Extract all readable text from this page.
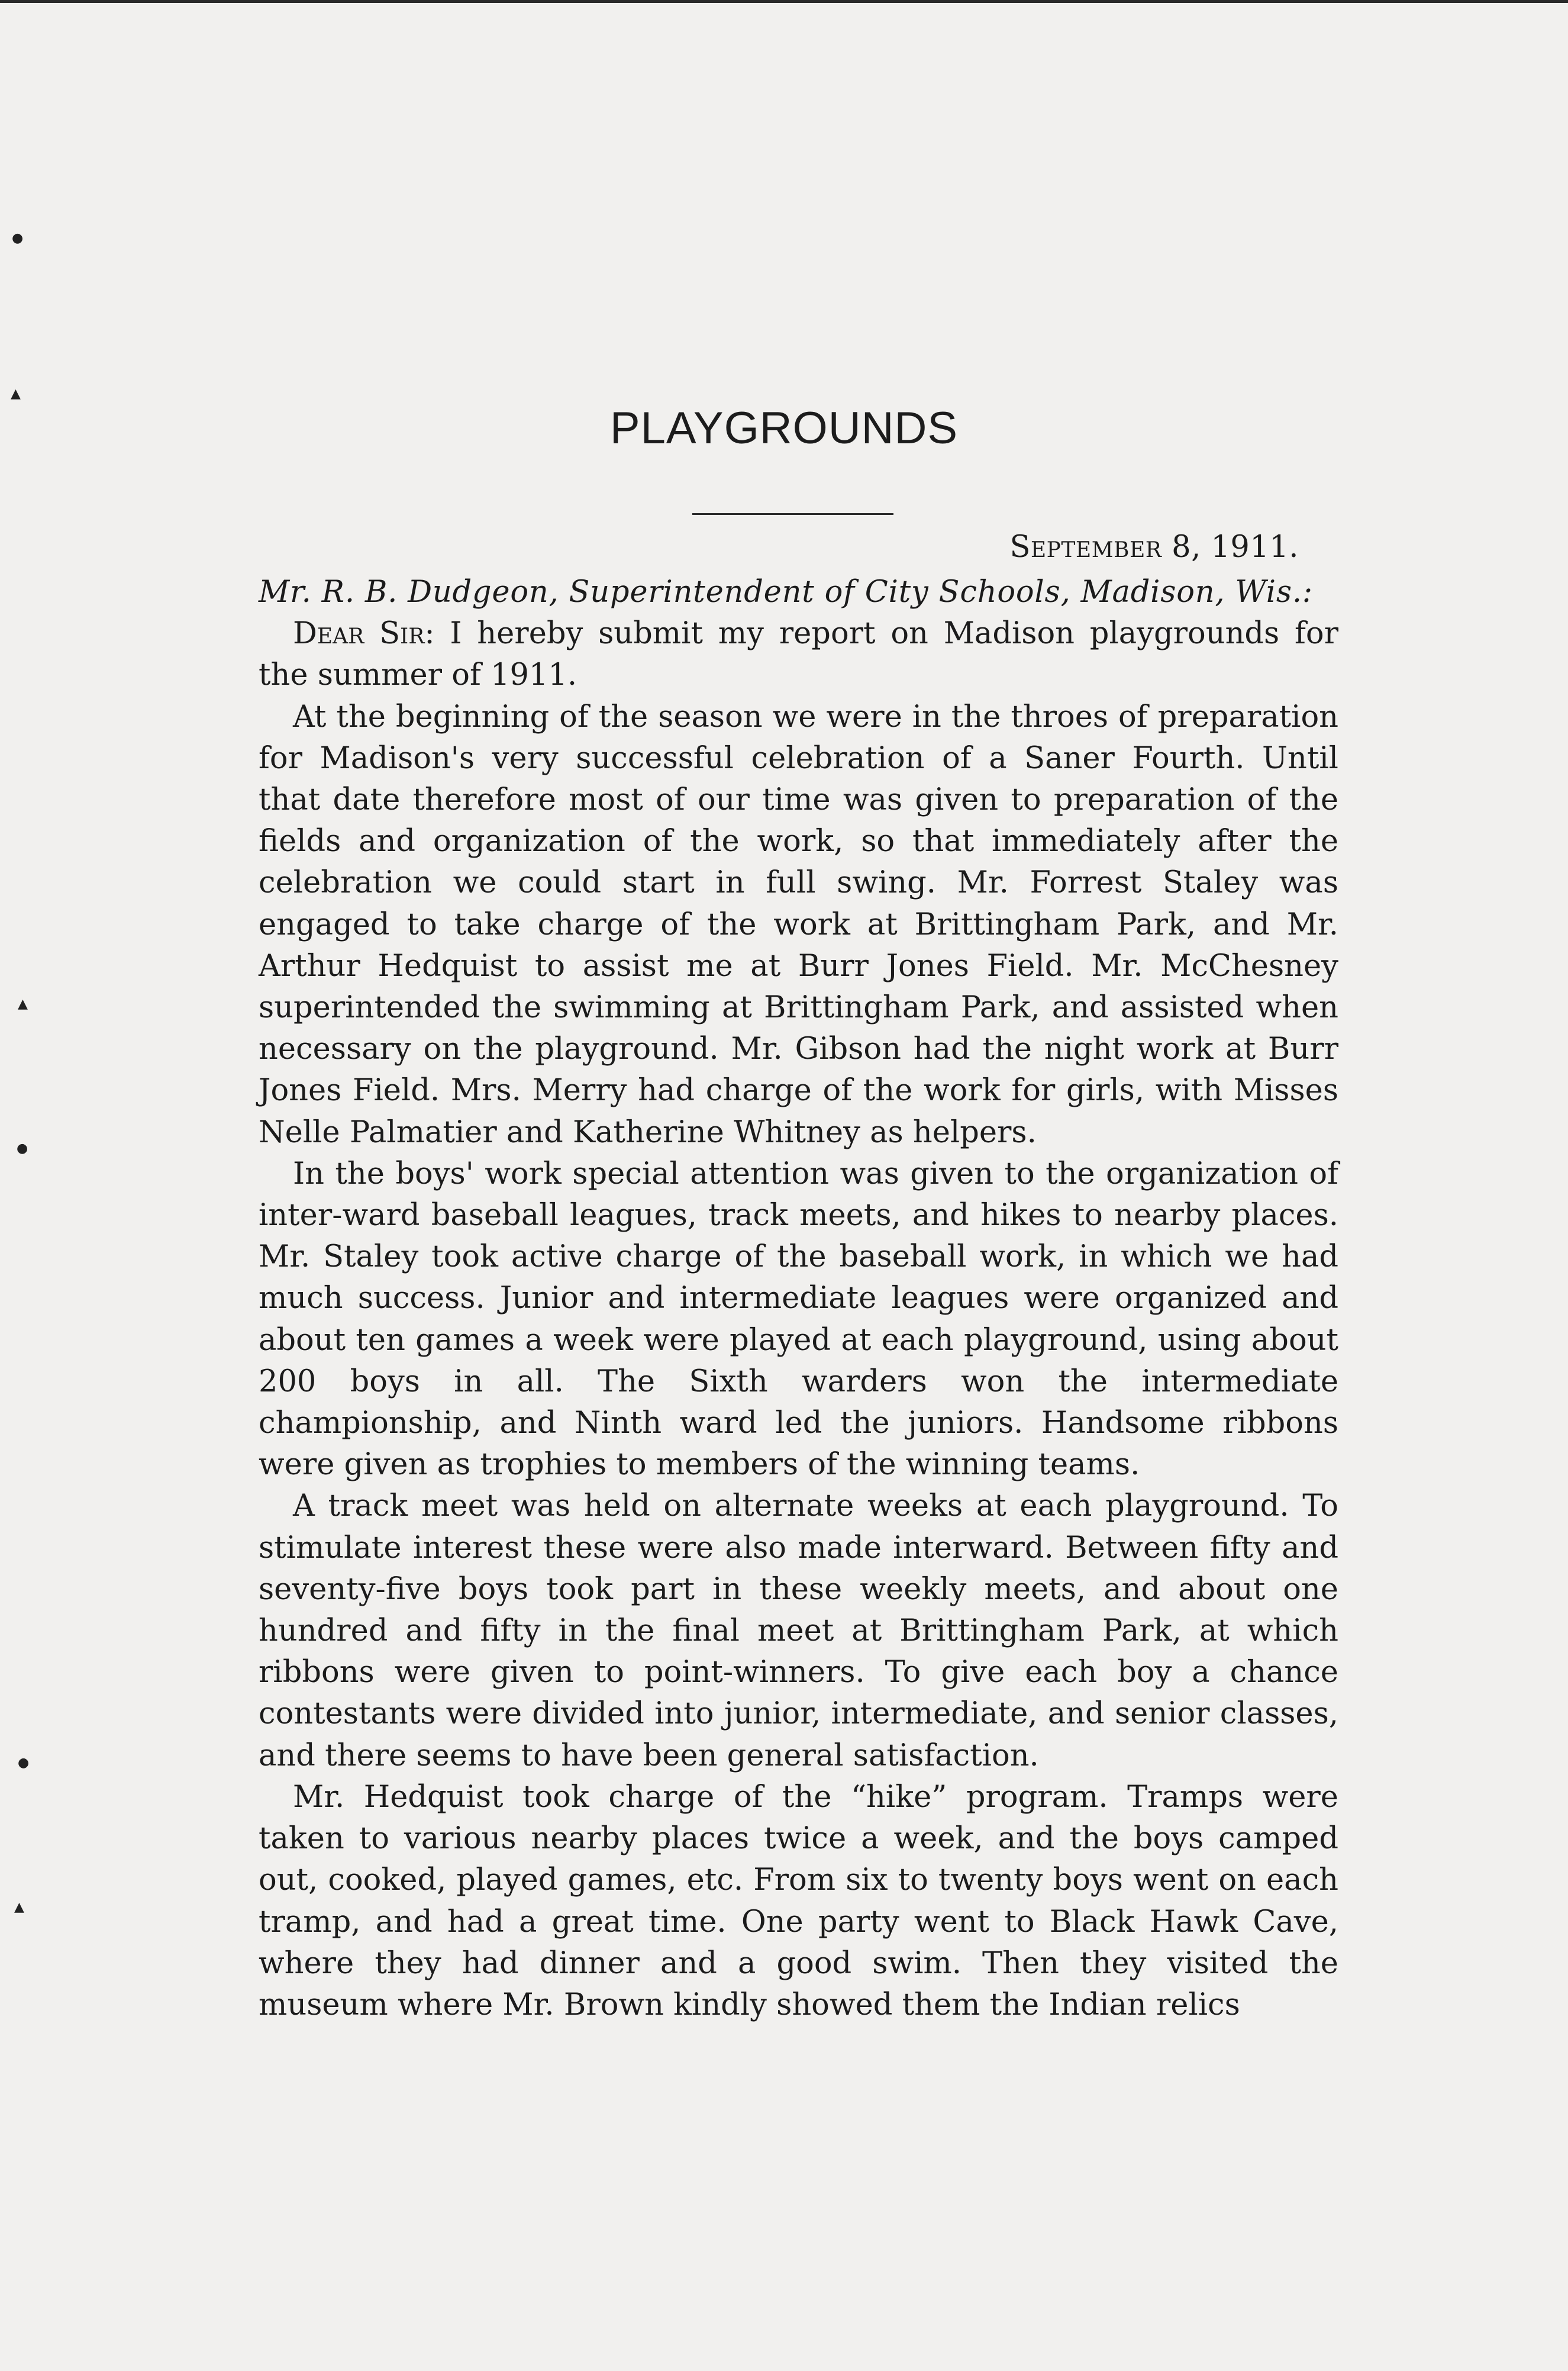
●
▲
▲
●
●
▲
PLAYGROUNDS
September 8, 1911.

Mr. R. B. Dudgeon, Superintendent of City Schools, Madison, Wis.:

Dear Sir: I hereby submit my report on Madison playgrounds for the summer of 1911.

At the beginning of the season we were in the throes of preparation for Madison's very successful celebration of a Saner Fourth. Until that date therefore most of our time was given to preparation of the fields and organization of the work, so that immediately after the celebration we could start in full swing. Mr. Forrest Staley was engaged to take charge of the work at Brittingham Park, and Mr. Arthur Hedquist to assist me at Burr Jones Field. Mr. McChesney superintended the swimming at Brittingham Park, and assisted when necessary on the playground. Mr. Gibson had the night work at Burr Jones Field. Mrs. Merry had charge of the work for girls, with Misses Nelle Palmatier and Katherine Whitney as helpers.

In the boys' work special attention was given to the organization of inter-ward baseball leagues, track meets, and hikes to nearby places. Mr. Staley took active charge of the baseball work, in which we had much success. Junior and intermediate leagues were organized and about ten games a week were played at each playground, using about 200 boys in all. The Sixth warders won the intermediate championship, and Ninth ward led the juniors. Handsome ribbons were given as trophies to members of the winning teams.

A track meet was held on alternate weeks at each playground. To stimulate interest these were also made interward. Between fifty and seventy-five boys took part in these weekly meets, and about one hundred and fifty in the final meet at Brittingham Park, at which ribbons were given to point-winners. To give each boy a chance contestants were divided into junior, intermediate, and senior classes, and there seems to have been general satisfaction.

Mr. Hedquist took charge of the “hike” program. Tramps were taken to various nearby places twice a week, and the boys camped out, cooked, played games, etc. From six to twenty boys went on each tramp, and had a great time. One party went to Black Hawk Cave, where they had dinner and a good swim. Then they visited the museum where Mr. Brown kindly showed them the Indian relics
